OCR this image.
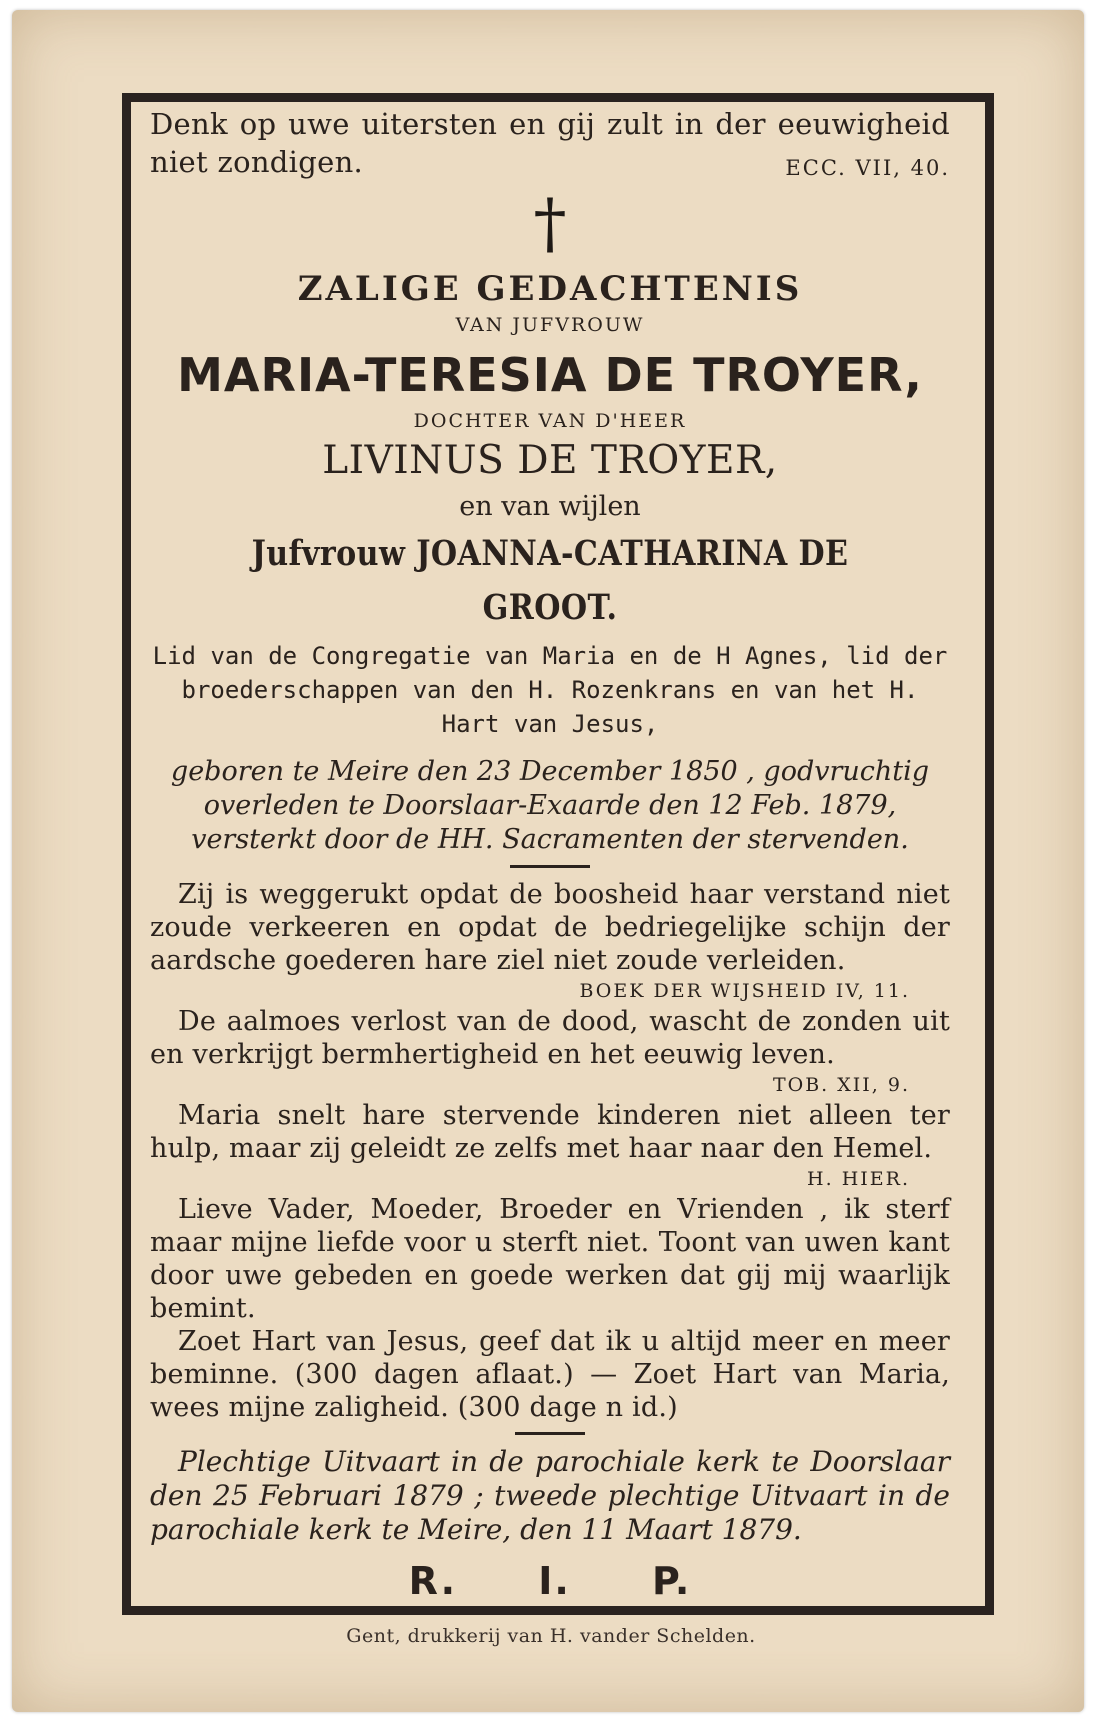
Denk op uwe uitersten en gij zult in der eeuwigheid niet zondigen.	ECC. VII, 40.
†
ZALIGE GEDACHTENIS
VAN JUFVROUW
MARIA-TERESIA DE TROYER,
DOCHTER VAN D'HEER
LIVINUS DE TROYER,
en van wijlen
Jufvrouw JOANNA-CATHARINA DE GROOT.
Lid van de Congregatie van Maria en de H Agnes, lid der broederschappen van den H. Rozenkrans en van het H. Hart van Jesus,
geboren te Meire den 23 December 1850 , godvruchtig overleden te Doorslaar-Exaarde den 12 Feb. 1879, versterkt door de HH. Sacramenten der stervenden.
Zij is weggerukt opdat de boosheid haar verstand niet zoude verkeeren en opdat de bedriegelijke schijn der aardsche goederen hare ziel niet zoude verleiden.
BOEK DER WIJSHEID IV, 11.
De aalmoes verlost van de dood, wascht de zonden uit en verkrijgt bermhertigheid en het eeuwig leven.
TOB. XII, 9.
Maria snelt hare stervende kinderen niet alleen ter hulp, maar zij geleidt ze zelfs met haar naar den Hemel.
H. HIER.
Lieve Vader, Moeder, Broeder en Vrienden , ik sterf maar mijne liefde voor u sterft niet. Toont van uwen kant door uwe gebeden en goede werken dat gij mij waarlijk bemint.
Zoet Hart van Jesus, geef dat ik u altijd meer en meer beminne. (300 dagen aflaat.) — Zoet Hart van Maria, wees mijne zaligheid. (300 dage n id.)
Plechtige Uitvaart in de parochiale kerk te Doorslaar den 25 Februari 1879 ; tweede plechtige Uitvaart in de parochiale kerk te Meire, den 11 Maart 1879.
R. I. P.
Gent, drukkerij van H. vander Schelden.
